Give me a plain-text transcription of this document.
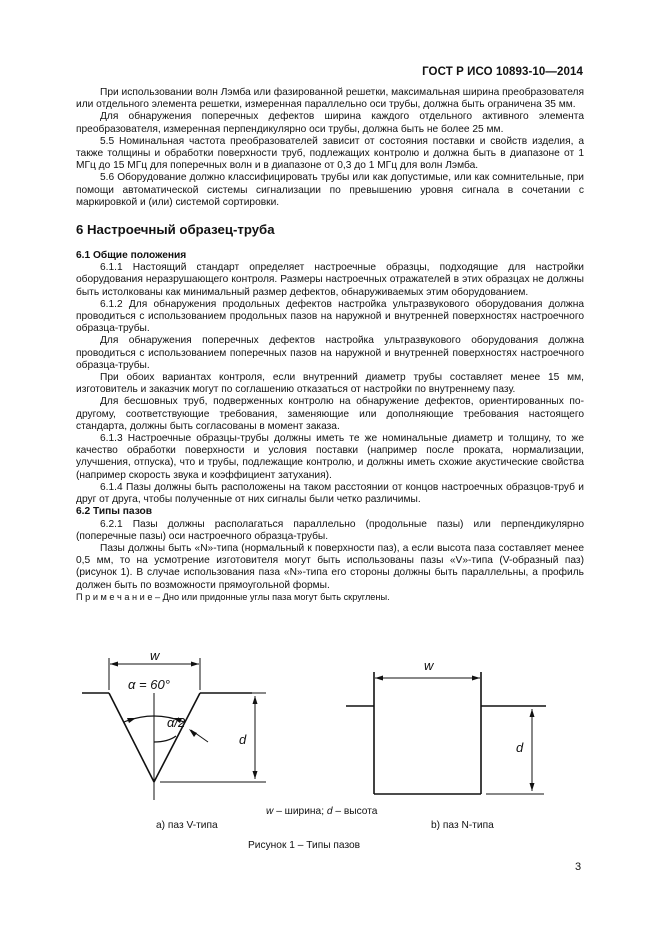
ГОСТ Р ИСО 10893-10—2014

При использовании волн Лэмба или фазированной решетки, максимальная ширина преобразователя или отдельного элемента решетки, измеренная параллельно оси трубы, должна быть ограничена 35 мм.

Для обнаружения поперечных дефектов ширина каждого отдельного активного элемента преобразователя, измеренная перпендикулярно оси трубы, должна быть не более 25 мм.

5.5 Номинальная частота преобразователей зависит от состояния поставки и свойств изделия, а также толщины и обработки поверхности труб, подлежащих контролю и должна быть в диапазоне от 1 МГц до 15 МГц для поперечных волн и в диапазоне от 0,3 до 1 МГц для волн Лэмба.

5.6 Оборудование должно классифицировать трубы или как допустимые, или как сомнительные, при помощи автоматической системы сигнализации по превышению уровня сигнала в сочетании с маркировкой и (или) системой сортировки.

6 Настроечный образец-труба
6.1 Общие положения

6.1.1 Настоящий стандарт определяет настроечные образцы, подходящие для настройки оборудования неразрушающего контроля. Размеры настроечных отражателей в этих образцах не должны быть истолкованы как минимальный размер дефектов, обнаруживаемых этим оборудованием.

6.1.2 Для обнаружения продольных дефектов настройка ультразвукового оборудования должна проводиться с использованием продольных пазов на наружной и внутренней поверхностях настроечного образца-трубы.

Для обнаружения поперечных дефектов настройка ультразвукового оборудования должна проводиться с использованием поперечных пазов на наружной и внутренней поверхностях настроечного образца-трубы.

При обоих вариантах контроля, если внутренний диаметр трубы составляет менее 15 мм, изготовитель и заказчик могут по соглашению отказаться от настройки по внутреннему пазу.

Для бесшовных труб, подверженных контролю на обнаружение дефектов, ориентированных по-другому, соответствующие требования, заменяющие или дополняющие требования настоящего стандарта, должны быть согласованы в момент заказа.

6.1.3 Настроечные образцы-трубы должны иметь те же номинальные диаметр и толщину, то же качество обработки поверхности и условия поставки (например после проката, нормализации, улучшения, отпуска), что и трубы, подлежащие контролю, и должны иметь схожие акустические свойства (например скорость звука и коэффициент затухания).

6.1.4 Пазы должны быть расположены на таком расстоянии от концов настроечных образцов-труб и друг от друга, чтобы полученные от них сигналы были четко различимы.

6.2 Типы пазов

6.2.1 Пазы должны располагаться параллельно (продольные пазы) или перпендикулярно (поперечные пазы) оси настроечного образца-трубы.

Пазы должны быть «N»-типа (нормальный к поверхности паз), а если высота паза составляет менее 0,5 мм, то на усмотрение изготовителя могут быть использованы пазы «V»-типа (V-образный паз) (рисунок 1). В случае использования паза «N»-типа его стороны должны быть параллельны, а профиль должен быть по возможности прямоугольной формы.

П р и м е ч а н и е – Дно или придонные углы паза могут быть скруглены.

w
α = 60°
α/2
d
w
d
w – ширина; d – высота
а) паз V-типа	b) паз N-типа
Рисунок 1 – Типы пазов
3
